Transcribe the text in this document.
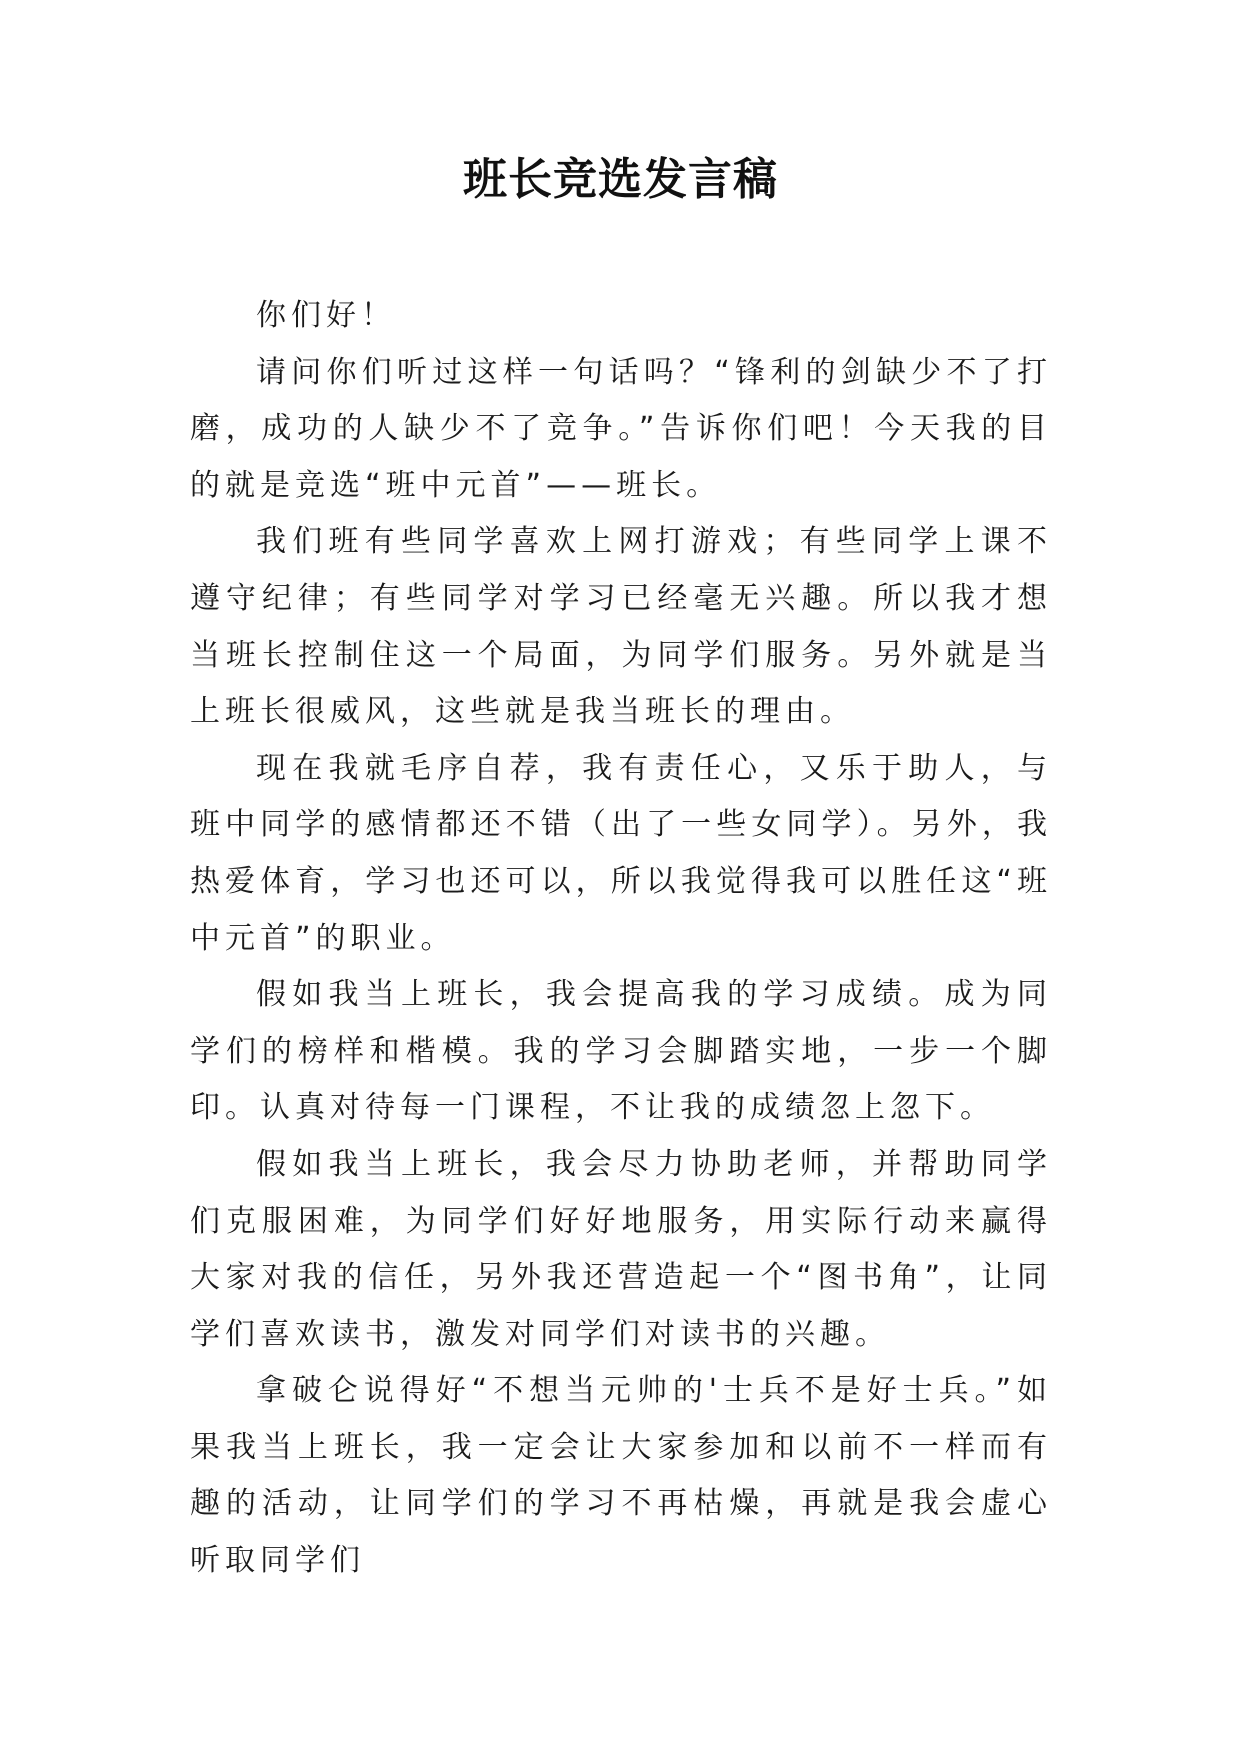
班长竞选发言稿

你们好！

请问你们听过这样一句话吗？“锋利的剑缺少不了打磨，成功的人缺少不了竞争。”告诉你们吧！今天我的目的就是竞选“班中元首”——班长。

我们班有些同学喜欢上网打游戏；有些同学上课不遵守纪律；有些同学对学习已经毫无兴趣。所以我才想当班长控制住这一个局面，为同学们服务。另外就是当上班长很威风，这些就是我当班长的理由。

现在我就毛序自荐，我有责任心，又乐于助人，与班中同学的感情都还不错（出了一些女同学）。另外，我热爱体育，学习也还可以，所以我觉得我可以胜任这“班中元首”的职业。

假如我当上班长，我会提高我的学习成绩。成为同学们的榜样和楷模。我的学习会脚踏实地，一步一个脚印。认真对待每一门课程，不让我的成绩忽上忽下。

假如我当上班长，我会尽力协助老师，并帮助同学们克服困难，为同学们好好地服务，用实际行动来赢得大家对我的信任，另外我还营造起一个“图书角”，让同学们喜欢读书，激发对同学们对读书的兴趣。

拿破仑说得好“不想当元帅的'士兵不是好士兵。”如果我当上班长，我一定会让大家参加和以前不一样而有趣的活动，让同学们的学习不再枯燥，再就是我会虚心听取同学们
